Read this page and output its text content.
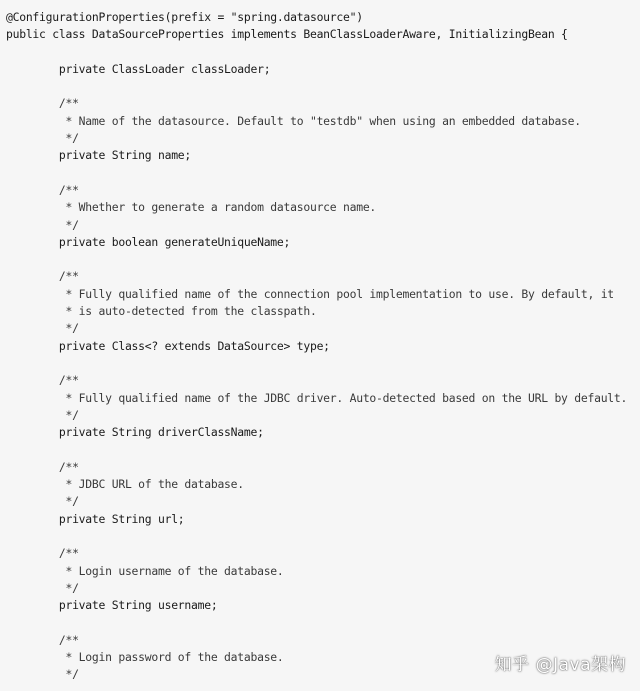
@ConfigurationProperties(prefix = "spring.datasource")
public class DataSourceProperties implements BeanClassLoaderAware, InitializingBean {
private ClassLoader classLoader;
/**
* Name of the datasource. Default to "testdb" when using an embedded database.
*/
private String name;
/**
* Whether to generate a random datasource name.
*/
private boolean generateUniqueName;
/**
* Fully qualified name of the connection pool implementation to use. By default, it
* is auto-detected from the classpath.
*/
private Class<? extends DataSource> type;
/**
* Fully qualified name of the JDBC driver. Auto-detected based on the URL by default.
*/
private String driverClassName;
/**
* JDBC URL of the database.
*/
private String url;
/**
* Login username of the database.
*/
private String username;
/**
* Login password of the database.
*/	知乎 @Java架构
